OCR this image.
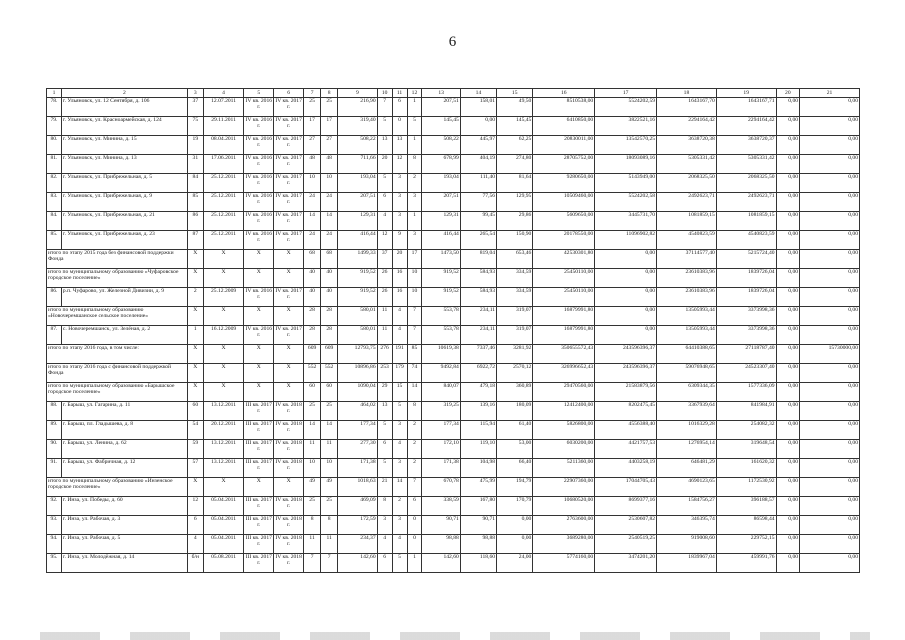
6
1	2	3	4	5	6	7	8	9	10	11	12	13	14	15	16	17	18	19	20	21
78.	г. Ульяновск, ул. 12 Сентября, д. 106	37	12.07.2011	IV кв. 2016 г.	IV кв. 2017 г.	25	25	216,90	7	6	1	207,51	158,01	49,50	8510538,00	5524202,59	1643167,70	1643167,71	0,00	0,00
79.	г. Ульяновск, ул. Красноармейская, д. 124	75	29.11.2011	IV кв. 2016 г.	IV кв. 2017 г.	17	17	319,40	5	0	5	145,45	0,00	145,45	6410850,00	3822521,16	2294164,42	2294164,42	0,00	0,00
80.	г. Ульяновск, ул. Минина, д. 15	19	08.04.2011	IV кв. 2016 г.	IV кв. 2017 г.	27	27	508,22	13	13	1	508,22	445,97	62,25	20830011,00	13542570,25	3638720,38	3638720,37	0,00	0,00
81.	г. Ульяновск, ул. Минина, д. 13	31	17.06.2011	IV кв. 2016 г.	IV кв. 2017 г.	48	48	711,66	20	12	8	678,99	404,19	274,80	28705752,00	18093089,16	5305331,42	5305331,42	0,00	0,00
82.	г. Ульяновск, ул. Прибрежельная, д. 5	84	25.12.2011	IV кв. 2016 г.	IV кв. 2017 г.	10	10	193,04	5	3	2	193,04	111,40	81,64	9280650,00	5143949,00	2068325,50	2068325,50	0,00	0,00
83.	г. Ульяновск, ул. Прибрежельная, д. 9	85	25.12.2011	IV кв. 2016 г.	IV кв. 2017 г.	24	24	207,51	6	3	3	207,51	77,56	129,95	10509460,00	5524202,58	2492623,71	2492623,71	0,00	0,00
84.	г. Ульяновск, ул. Прибрежельная, д. 21	86	25.12.2011	IV кв. 2016 г.	IV кв. 2017 г.	14	14	129,31	4	3	1	129,31	99,45	29,86	5609650,00	3445731,70	1081859,15	1081859,15	0,00	0,00
85.	г. Ульяновск, ул. Прибрежельная, д. 23	87	25.12.2011	IV кв. 2016 г.	IV кв. 2017 г.	24	24	416,44	12	9	3	416,44	265,54	150,90	20178550,00	11096902,82	4540823,59	4540823,59	0,00	0,00
итого по этапу 2015 года без финансовой поддержки Фонда		X	X	X	X	68	68	1499,33	37	20	17	1473,50	819,04	653,46	42530301,80	0,00	37114577,40	5215724,40	0,00	0,00
итого по муниципальному образованию «Чуфаровское городское поселение»		X	X	X	X	40	40	919,52	26	16	10	919,52	584,93	334,59	25450110,00	0,00	23610383,96	1839726,04	0,00	0,00
86.	р.п. Чуфарово, ул. Железной Дивизии, д. 9	2	25.12.2009	IV кв. 2016 г.	IV кв. 2017 г.	40	40	919,52	26	16	10	919,52	584,93	334,59	25450110,00	0,00	23610383,96	1839726,04	0,00	0,00
итого по муниципальному образованию «Новочеремшанское сельское поселение»		X	X	X	X	28	28	580,01	11	4	7	553,78	234,11	319,07	16879991,80	0,00	13505993,44	3373998,36	0,00	0,00
87.	с. Новочеремшанск, ул. Зелёная, д. 2	1	16.12.2009	IV кв. 2016 г.	IV кв. 2017 г.	28	28	580,01	11	4	7	553,78	234,11	319,07	16879991,80	0,00	13505993,44	3373998,36	0,00	0,00
итого по этапу 2016 года, в том числе:		X	X	X	X	609	609	12793,75	276	191	85	10619,38	7337,46	3281,92	350655572,43	243596396,37	64410388,65	27118787,40	0,00	15730000,00
итого по этапу 2016 года с финансовой поддержкой Фонда		X	X	X	X	552	552	10896,86	253	179	74	9492,84	6922,72	2570,12	326996652,43	243596396,37	59076948,65	24523307,40	0,00	0,00
итого по муниципальному образованию «Барышское городское поселение»		X	X	X	X	60	60	1090,04	29	15	14	840,07	479,18	360,89	29470560,00	21583879,56	6309344,35	1577336,09	0,00	0,00
88.	г. Барыш, ул. Гагарина, д. 11	60	13.12.2011	III кв. 2017 г.	IV кв. 2018 г.	25	25	464,02	13	5	8	319,25	139,16	180,09	12412400,00	8202475,45	3367939,64	841984,91	0,00	0,00
89.	г. Барыш, пл. Гладышева, д. 8	54	20.12.2011	III кв. 2017 г.	IV кв. 2018 г.	14	14	177,34	5	3	2	177,34	115,94	61,40	5826800,00	4556388,40	1016329,28	254082,32	0,00	0,00
90.	г. Барыш, ул. Ленина, д. 62	59	13.12.2011	III кв. 2017 г.	IV кв. 2018 г.	11	11	277,30	6	4	2	172,10	119,10	53,00	6030200,00	4421757,53	1276954,14	319648,54	0,00	0,00
91.	г. Барыш, ул. Фабричная, д. 12	57	13.12.2011	III кв. 2017 г.	IV кв. 2018 г.	10	10	171,38	5	3	2	171,38	104,98	66,40	5211360,00	4403258,19	646481,29	161620,32	0,00	0,00
итого по муниципальному образованию «Инзенское городское поселение»		X	X	X	X	49	49	1018,63	21	14	7	670,78	475,99	194,79	22907360,00	17044705,43	4690123,65	1172530,92	0,00	0,00
92.	г. Инза, ул. Победы, д. 60	12	05.04.2011	III кв. 2017 г.	IV кв. 2018 г.	25	25	469,09	8	2	6	338,59	167,80	170,79	10680520,00	8699377,16	1584756,27	396188,57	0,00	0,00
93.	г. Инза, ул. Рабочая, д. 3	6	05.04.2011	III кв. 2017 г.	IV кв. 2018 г.	8	8	172,59	3	3	0	90,71	90,71	0,00	2763600,00	2530607,82	346395,74	86598,44	0,00	0,00
94.	г. Инза, ул. Рабочая, д. 5	4	05.04.2011	III кв. 2017 г.	IV кв. 2018 г.	11	11	234,37	4	4	0	98,88	98,88	0,00	3689280,00	2540519,25	919008,60	229752,15	0,00	0,00
95.	г. Инза, ул. Молодёжная, д. 14	б/н	05.08.2011	III кв. 2017 г.	IV кв. 2018 г.	7	7	142,60	6	5	1	142,60	118,60	24,00	5774160,00	3474201,20	1839967,04	459991,76	0,00	0,00
